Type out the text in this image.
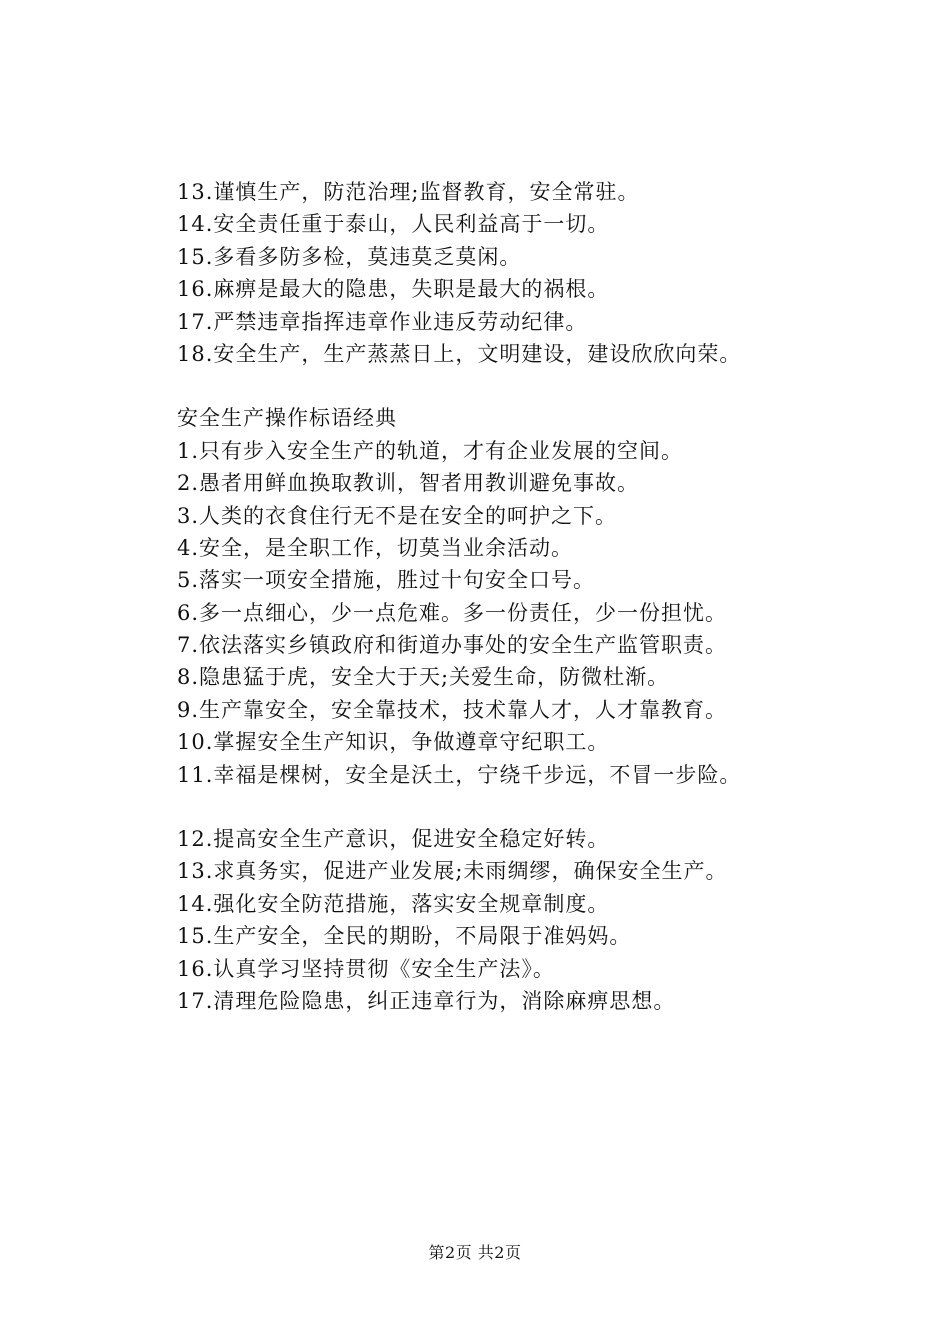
13.谨慎生产，防范治理;监督教育，安全常驻。
14.安全责任重于泰山，人民利益高于一切。
15.多看多防多检，莫违莫乏莫闲。
16.麻痹是最大的隐患，失职是最大的祸根。
17.严禁违章指挥违章作业违反劳动纪律。
18.安全生产，生产蒸蒸日上，文明建设，建设欣欣向荣。
安全生产操作标语经典
1.只有步入安全生产的轨道，才有企业发展的空间。
2.愚者用鲜血换取教训，智者用教训避免事故。
3.人类的衣食住行无不是在安全的呵护之下。
4.安全，是全职工作，切莫当业余活动。
5.落实一项安全措施，胜过十句安全口号。
6.多一点细心，少一点危难。多一份责任，少一份担忧。
7.依法落实乡镇政府和街道办事处的安全生产监管职责。
8.隐患猛于虎，安全大于天;关爱生命，防微杜渐。
9.生产靠安全，安全靠技术，技术靠人才，人才靠教育。
10.掌握安全生产知识，争做遵章守纪职工。
11.幸福是棵树，安全是沃土，宁绕千步远，不冒一步险。
12.提高安全生产意识，促进安全稳定好转。
13.求真务实，促进产业发展;未雨绸缪，确保安全生产。
14.强化安全防范措施，落实安全规章制度。
15.生产安全，全民的期盼，不局限于准妈妈。
16.认真学习坚持贯彻《安全生产法》。
17.清理危险隐患，纠正违章行为，消除麻痹思想。
第2页 共2页
